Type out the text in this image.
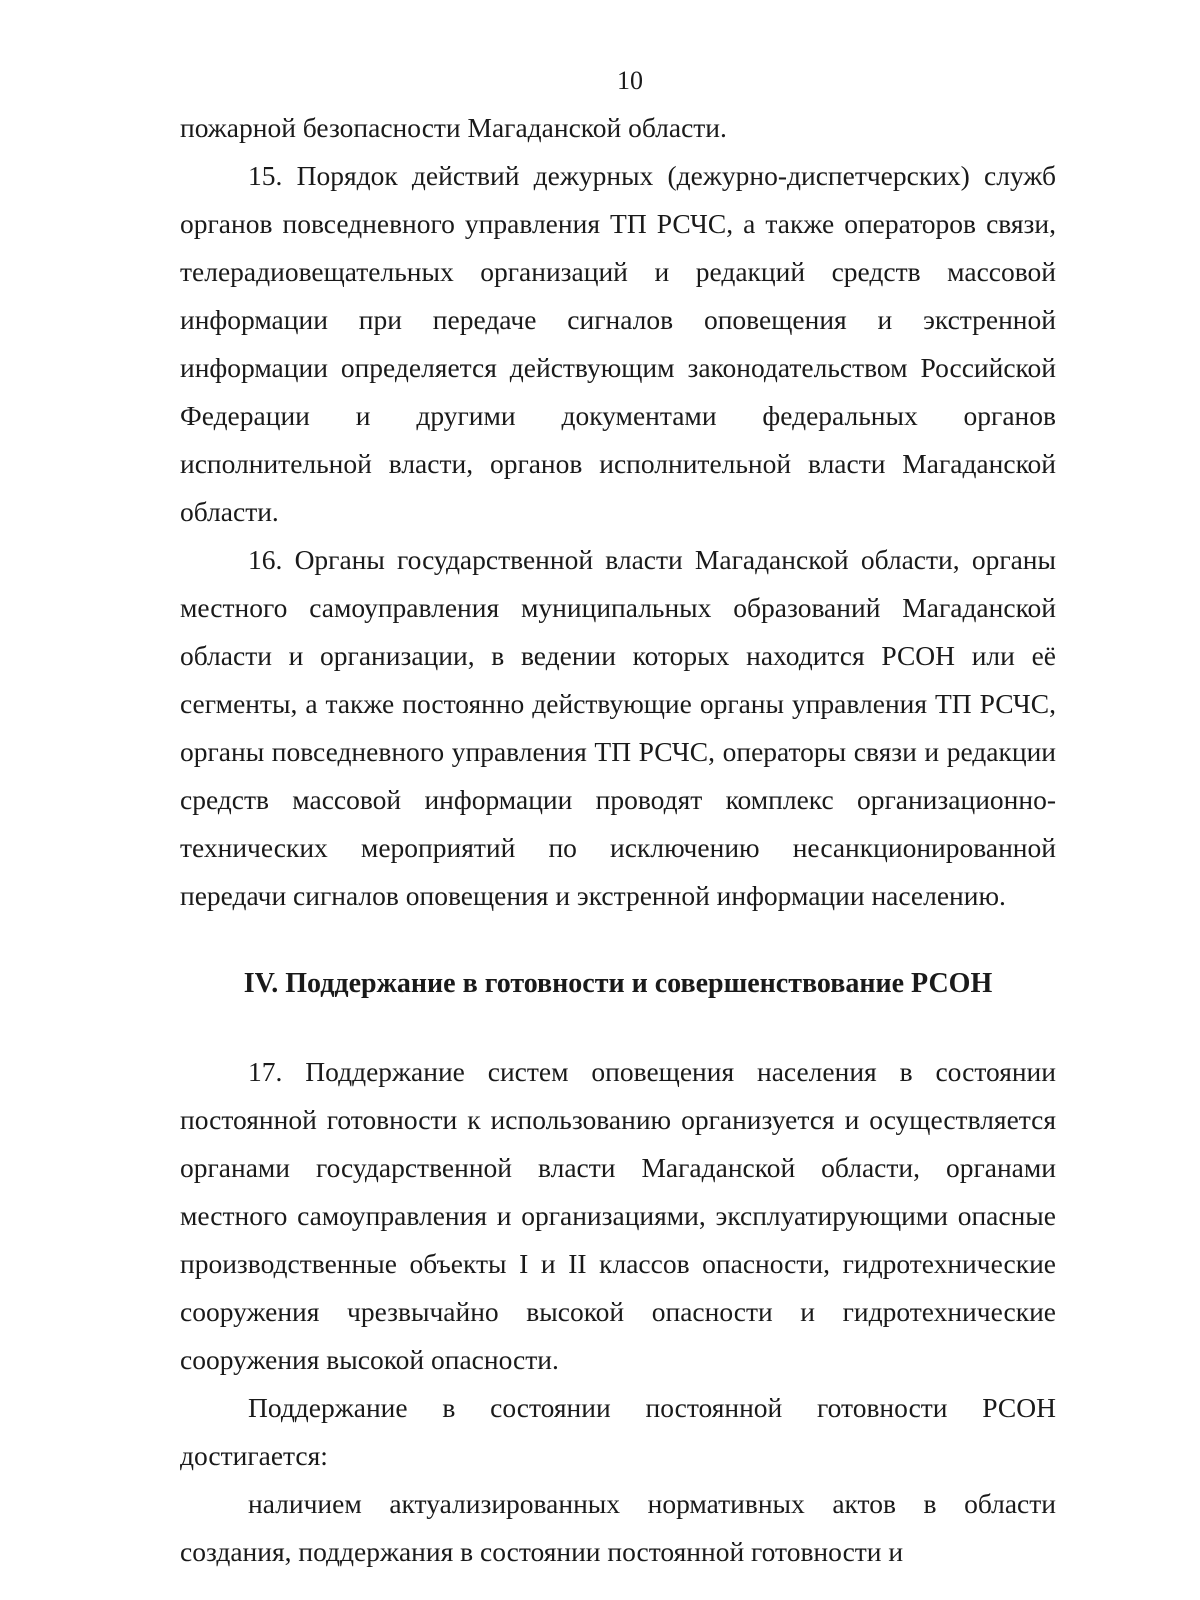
10

пожарной безопасности Магаданской области.

15. Порядок действий дежурных (дежурно-диспетчерских) служб органов повседневного управления ТП РСЧС, а также операторов связи, телерадиовещательных организаций и редакций средств массовой информации при передаче сигналов оповещения и экстренной информации определяется действующим законодательством Российской Федерации и другими документами федеральных органов исполнительной власти, органов исполнительной власти Магаданской области.

16. Органы государственной власти Магаданской области, органы местного самоуправления муниципальных образований Магаданской области и организации, в ведении которых находится РСОН или её сегменты, а также постоянно действующие органы управления ТП РСЧС, органы повседневного управления ТП РСЧС, операторы связи и редакции средств массовой информации проводят комплекс организационно-технических мероприятий по исключению несанкционированной передачи сигналов оповещения и экстренной информации населению.

IV. Поддержание в готовности и совершенствование РСОН

17. Поддержание систем оповещения населения в состоянии постоянной готовности к использованию организуется и осуществляется органами государственной власти Магаданской области, органами местного самоуправления и организациями, эксплуатирующими опасные производственные объекты I и II классов опасности, гидротехнические сооружения чрезвычайно высокой опасности и гидротехнические сооружения высокой опасности.

Поддержание в состоянии постоянной готовности РСОН достигается:

наличием актуализированных нормативных актов в области создания, поддержания в состоянии постоянной готовности и
